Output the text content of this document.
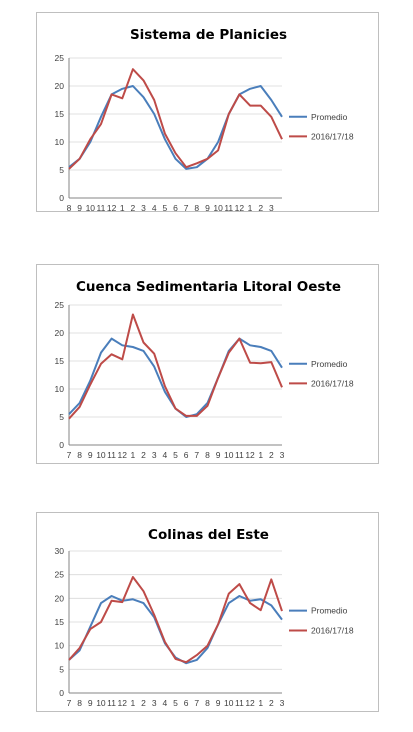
Sistema de Planicies
0
5
10
15
20
25
8 9 10 11 12 1 2 3 4 5 6 7 8 9 10 11 12 1 2 3
Promedio
2016/17/18
Cuenca Sedimentaria Litoral Oeste
0
5
10
15
20
25
7 8 9 10 11 12 1 2 3 4 5 6 7 8 9 10 11 12 1 2 3
Promedio
2016/17/18
Colinas del Este
0
5
10
15
20
25
30
7 8 9 10 11 12 1 2 3 4 5 6 7 8 9 10 11 12 1 2 3
Promedio
2016/17/18
